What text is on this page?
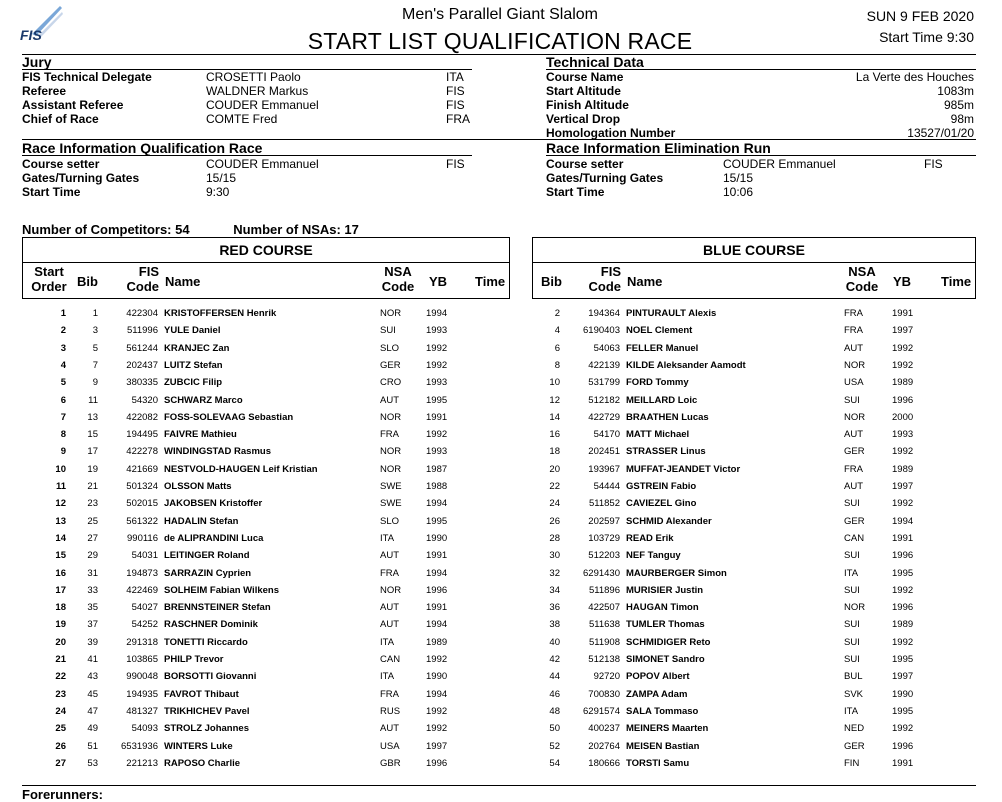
FIS
Men's Parallel Giant Slalom
START LIST QUALIFICATION RACE
SUN 9 FEB 2020
Start Time 9:30
Jury
FIS Technical Delegate	CROSETTI Paolo	ITA
Referee	WALDNER Markus	FIS
Assistant Referee	COUDER Emmanuel	FIS
Chief of Race	COMTE Fred	FRA
Technical Data
Course Name	La Verte des Houches
Start Altitude	1083m
Finish Altitude	985m
Vertical Drop	98m
Homologation Number	13527/01/20
Race Information Qualification Race
Course setter	COUDER Emmanuel	FIS
Gates/Turning Gates	15/15
Start Time	9:30
Race Information Elimination Run
Course setter	COUDER Emmanuel	FIS
Gates/Turning Gates	15/15
Start Time	10:06
Number of Competitors: 54	Number of NSAs: 17
RED COURSE
Start Order Bib
FIS Code Name
NSA Code YB Time
BLUE COURSE
Bib
FIS Code Name
NSA Code YB Time
1	1	422304 KRISTOFFERSEN Henrik	NOR	1994
2	3	511996 YULE Daniel	SUI	1993
3	5	561244 KRANJEC Zan	SLO	1992
4	7	202437 LUITZ Stefan	GER	1992
5	9	380335 ZUBCIC Filip	CRO	1993
6	11	54320 SCHWARZ Marco	AUT	1995
7	13	422082 FOSS-SOLEVAAG Sebastian	NOR	1991
8	15	194495 FAIVRE Mathieu	FRA	1992
9	17	422278 WINDINGSTAD Rasmus	NOR	1993
10	19	421669 NESTVOLD-HAUGEN Leif Kristian	NOR	1987
11	21	501324 OLSSON Matts	SWE	1988
12	23	502015 JAKOBSEN Kristoffer	SWE	1994
13	25	561322 HADALIN Stefan	SLO	1995
14	27	990116 de ALIPRANDINI Luca	ITA	1990
15	29	54031 LEITINGER Roland	AUT	1991
16	31	194873 SARRAZIN Cyprien	FRA	1994
17	33	422469 SOLHEIM Fabian Wilkens	NOR	1996
18	35	54027 BRENNSTEINER Stefan	AUT	1991
19	37	54252 RASCHNER Dominik	AUT	1994
20	39	291318 TONETTI Riccardo	ITA	1989
21	41	103865 PHILP Trevor	CAN	1992
22	43	990048 BORSOTTI Giovanni	ITA	1990
23	45	194935 FAVROT Thibaut	FRA	1994
24	47	481327 TRIKHICHEV Pavel	RUS	1992
25	49	54093 STROLZ Johannes	AUT	1992
26	51	6531936 WINTERS Luke	USA	1997
27	53	221213 RAPOSO Charlie	GBR	1996
2	194364 PINTURAULT Alexis	FRA	1991
4	6190403 NOEL Clement	FRA	1997
6	54063 FELLER Manuel	AUT	1992
8	422139 KILDE Aleksander Aamodt	NOR	1992
10	531799 FORD Tommy	USA	1989
12	512182 MEILLARD Loic	SUI	1996
14	422729 BRAATHEN Lucas	NOR	2000
16	54170 MATT Michael	AUT	1993
18	202451 STRASSER Linus	GER	1992
20	193967 MUFFAT-JEANDET Victor	FRA	1989
22	54444 GSTREIN Fabio	AUT	1997
24	511852 CAVIEZEL Gino	SUI	1992
26	202597 SCHMID Alexander	GER	1994
28	103729 READ Erik	CAN	1991
30	512203 NEF Tanguy	SUI	1996
32	6291430 MAURBERGER Simon	ITA	1995
34	511896 MURISIER Justin	SUI	1992
36	422507 HAUGAN Timon	NOR	1996
38	511638 TUMLER Thomas	SUI	1989
40	511908 SCHMIDIGER Reto	SUI	1992
42	512138 SIMONET Sandro	SUI	1995
44	92720 POPOV Albert	BUL	1997
46	700830 ZAMPA Adam	SVK	1990
48	6291574 SALA Tommaso	ITA	1995
50	400237 MEINERS Maarten	NED	1992
52	202764 MEISEN Bastian	GER	1996
54	180666 TORSTI Samu	FIN	1991
Forerunners:
